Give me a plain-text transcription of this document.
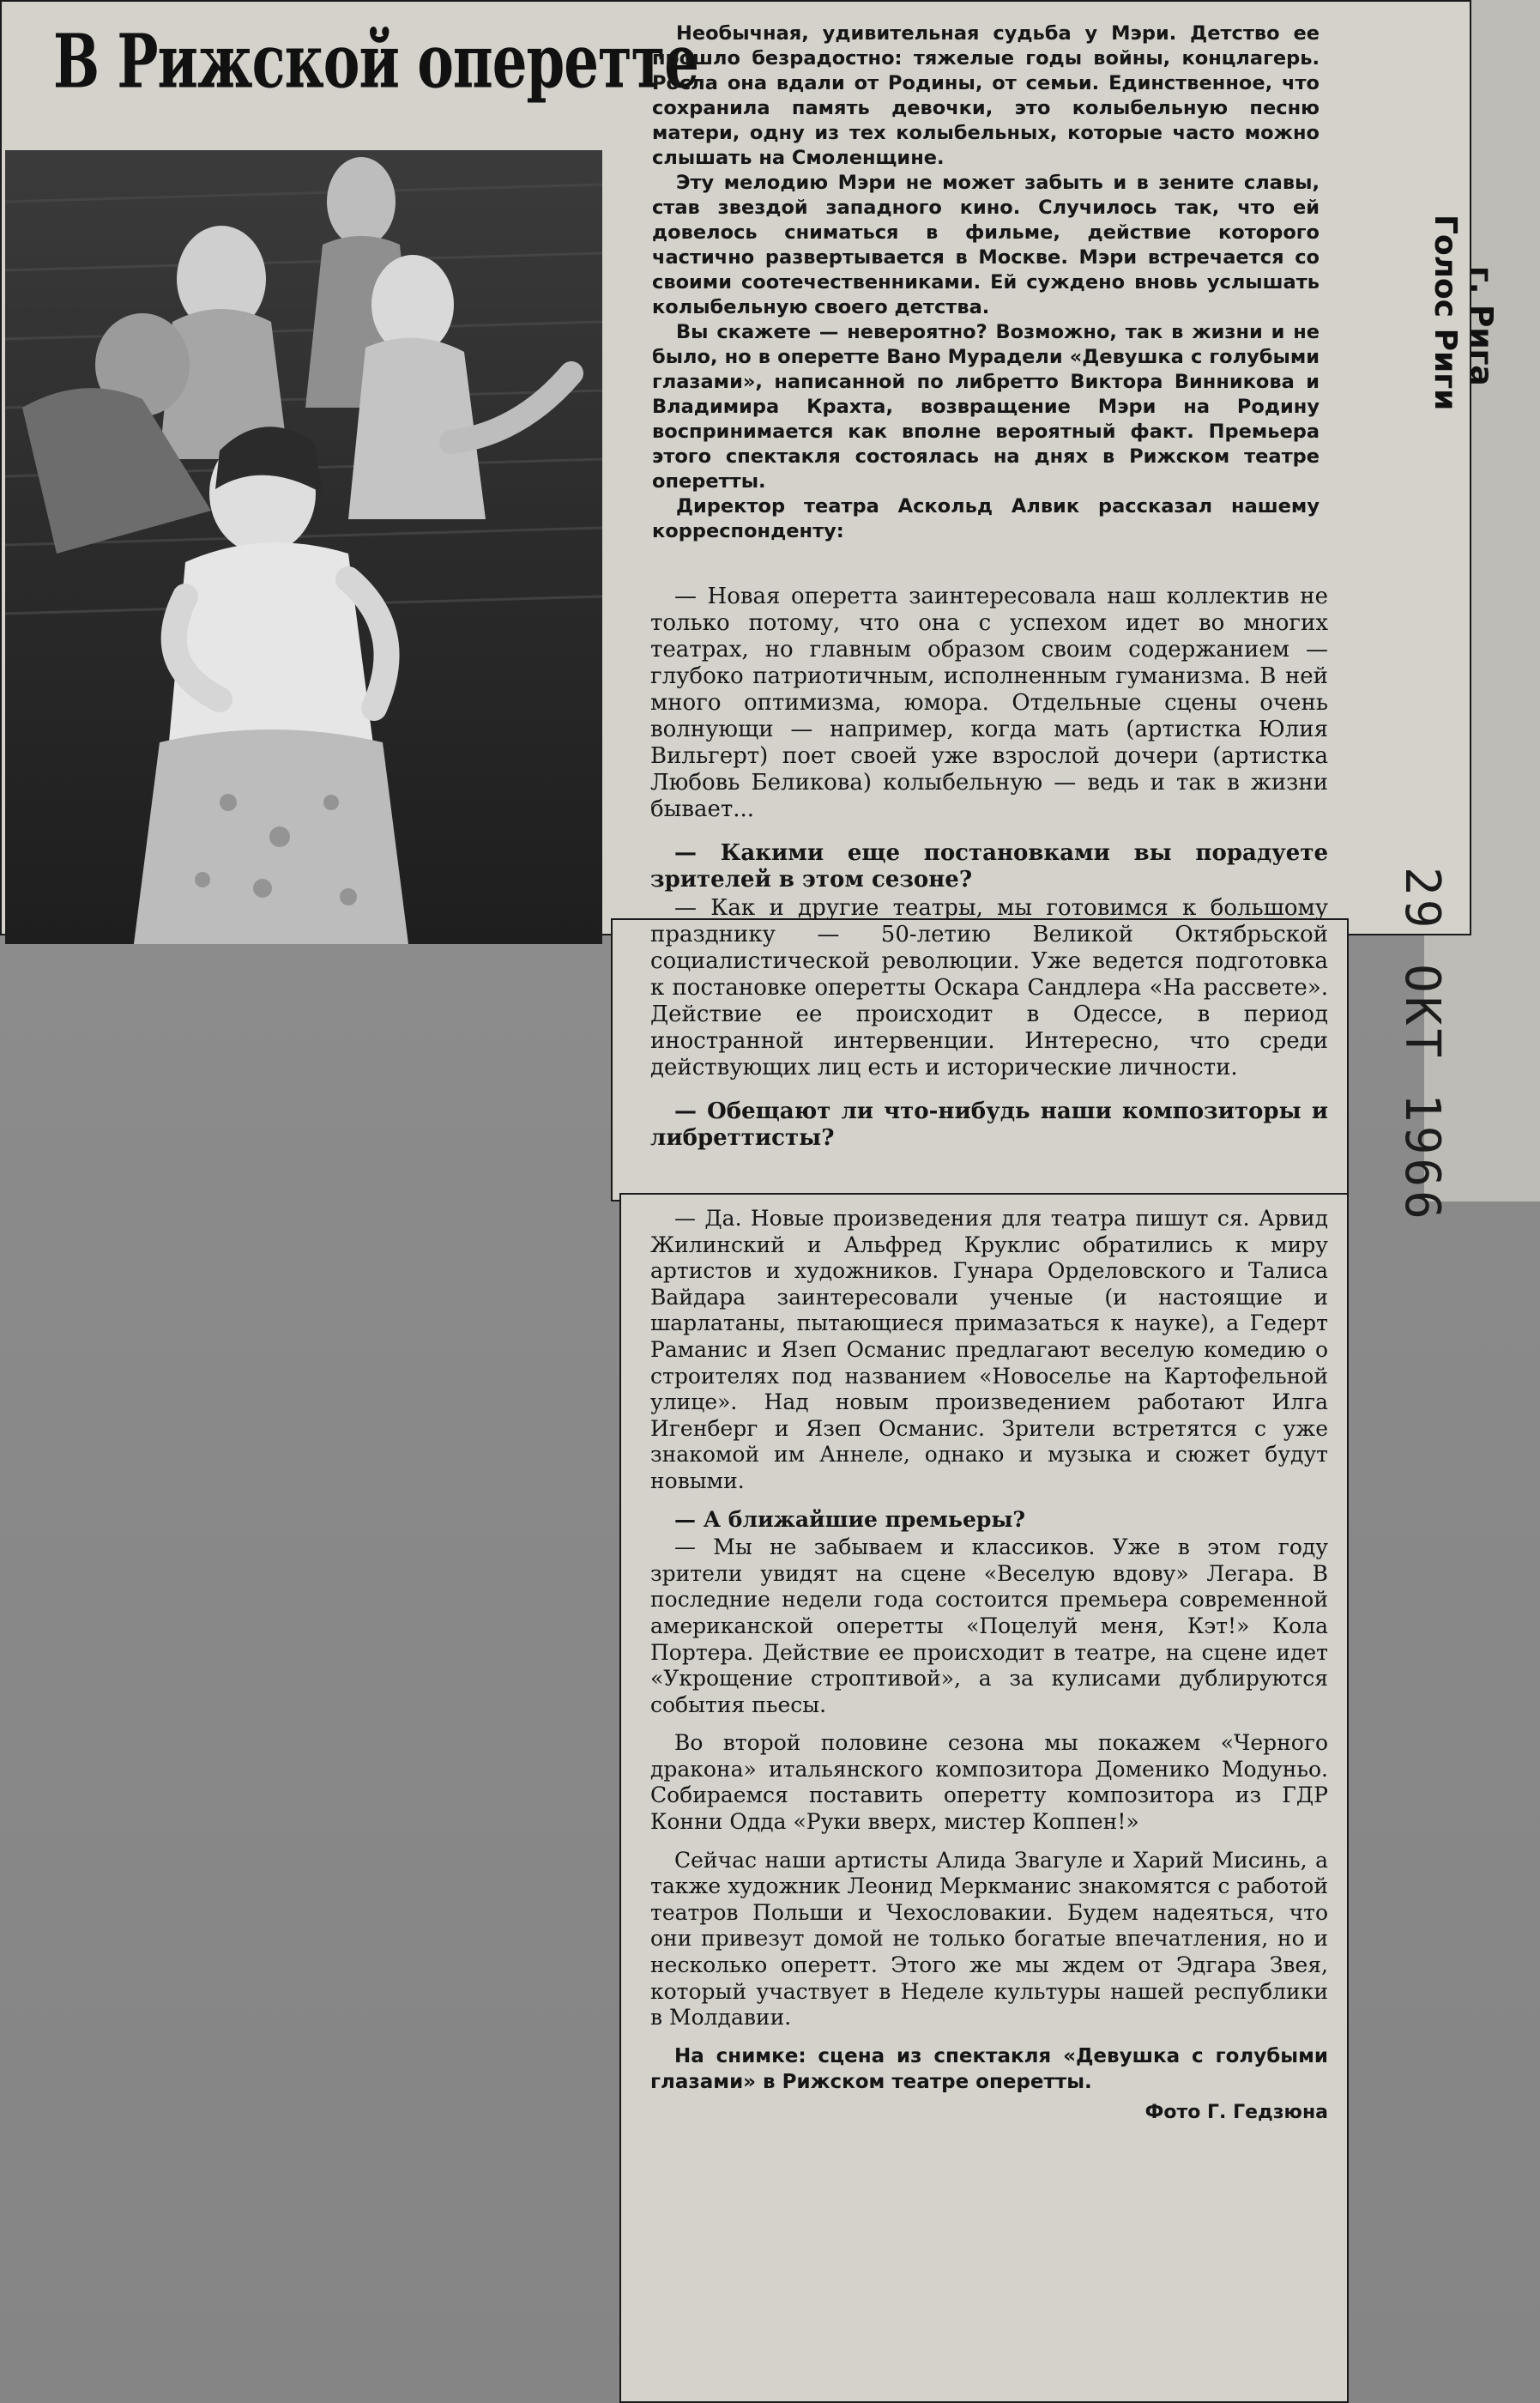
В Рижской оперетте

Необычная, удивительная судьба у Мэри. Детство ее прошло безрадостно: тяжелые годы войны, концлагерь. Росла она вдали от Родины, от семьи. Единственное, что сохранила память девочки, это колыбельную песню матери, одну из тех колыбельных, которые часто можно слышать на Смоленщине.

Эту мелодию Мэри не может забыть и в зените славы, став звездой западного кино. Случилось так, что ей довелось сниматься в фильме, действие которого частично развертывается в Москве. Мэри встречается со своими соотечественниками. Ей суждено вновь услышать колыбельную своего детства.

Вы скажете — невероятно? Возможно, так в жизни и не было, но в оперетте Вано Мурадели «Девушка с голубыми глазами», написанной по либретто Виктора Винникова и Владимира Крахта, возвращение Мэри на Родину воспринимается как вполне вероятный факт. Премьера этого спектакля состоялась на днях в Рижском театре оперетты.

Директор театра Аскольд Алвик рассказал нашему корреспонденту:

— Новая оперетта заинтересовала наш коллектив не только потому, что она с успехом идет во многих театрах, но главным образом своим содержанием — глубоко патриотичным, исполненным гуманизма. В ней много оптимизма, юмора. Отдельные сцены очень волнующи — например, когда мать (артистка Юлия Вильгерт) поет своей уже взрослой дочери (артистка Любовь Беликова) колыбельную — ведь и так в жизни бывает...

— Какими еще постановками вы порадуете зрителей в этом сезоне?

— Как и другие театры, мы готовимся к большому празднику — 50-летию Великой Октябрьской социалистической революции. Уже ведется подготовка к постановке оперетты Оскара Сандлера «На рассвете». Действие ее происходит в Одессе, в период иностранной интервенции. Интересно, что среди действующих лиц есть и исторические личности.

— Обещают ли что-нибудь наши композиторы и либреттисты?

— Да. Новые произведения для театра пишут ся. Арвид Жилинский и Альфред Круклис обратились к миру артистов и художников. Гунара Орделовского и Талиса Вайдара заинтересовали ученые (и настоящие и шарлатаны, пытающиеся примазаться к науке), а Гедерт Раманис и Язеп Османис предлагают веселую комедию о строителях под названием «Новоселье на Картофельной улице». Над новым произведением работают Илга Игенберг и Язеп Османис. Зрители встретятся с уже знакомой им Аннеле, однако и музыка и сюжет будут новыми.

— А ближайшие премьеры?

— Мы не забываем и классиков. Уже в этом году зрители увидят на сцене «Веселую вдову» Легара. В последние недели года состоится премьера современной американской оперетты «Поцелуй меня, Кэт!» Кола Портера. Действие ее происходит в театре, на сцене идет «Укрощение строптивой», а за кулисами дублируются события пьесы.

Во второй половине сезона мы покажем «Черного дракона» итальянского композитора Доменико Модуньо. Собираемся поставить оперетту композитора из ГДР Конни Одда «Руки вверх, мистер Коппен!»

Сейчас наши артисты Алида Звагуле и Харий Мисинь, а также художник Леонид Меркманис знакомятся с работой театров Польши и Чехословакии. Будем надеяться, что они привезут домой не только богатые впечатления, но и несколько оперетт. Этого же мы ждем от Эдгара Звея, который участвует в Неделе культуры нашей республики в Молдавии.

На снимке: сцена из спектакля «Девушка с голубыми глазами» в Рижском театре оперетты.

Фото Г. Гедзюна
Голос Риги г. Рига
29 ОКТ 1966
